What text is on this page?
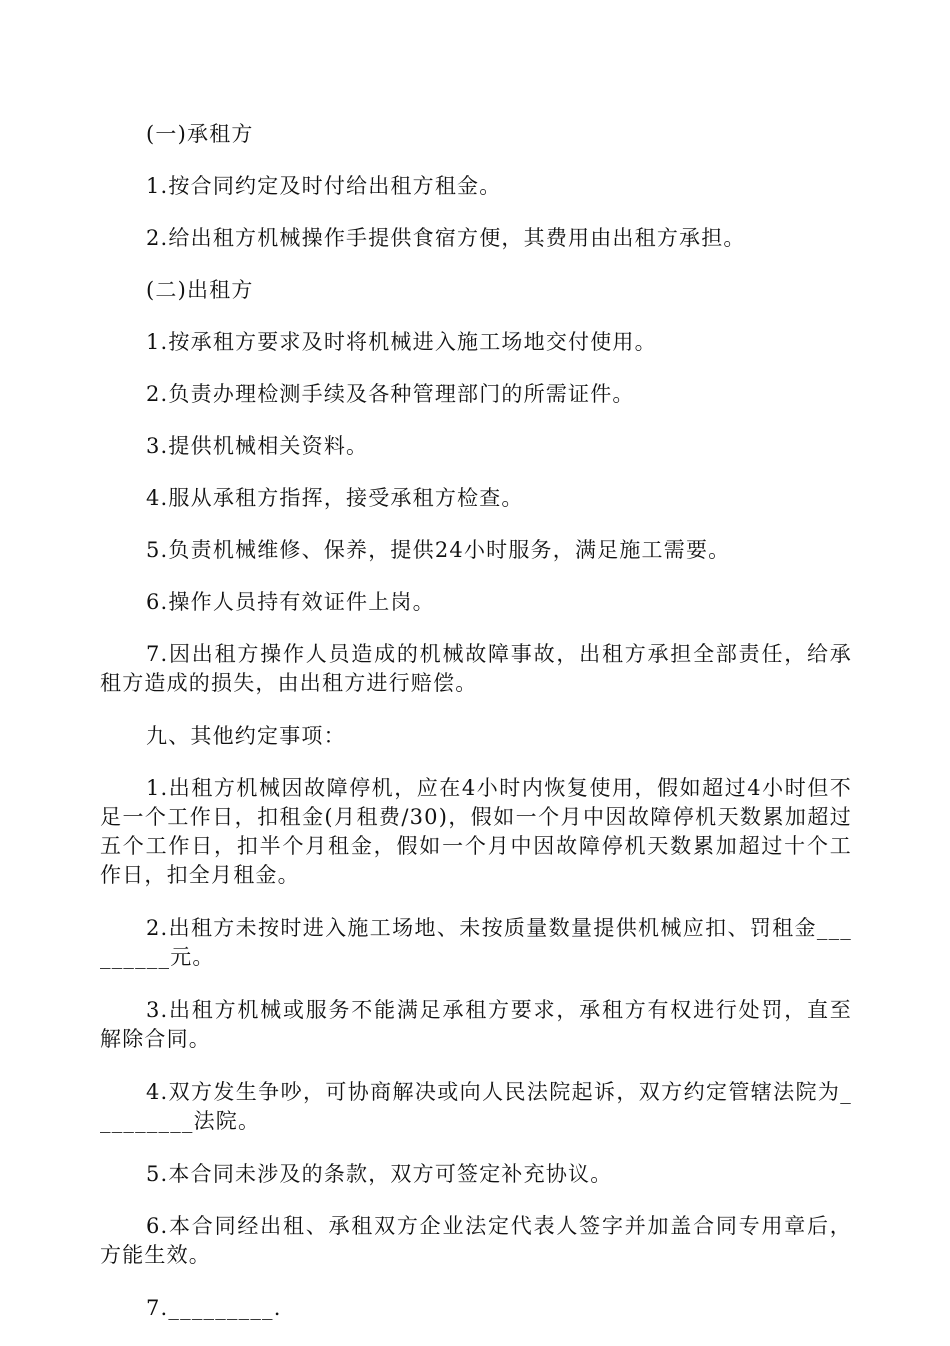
(一)承租方

1.按合同约定及时付给出租方租金。

2.给出租方机械操作手提供食宿方便，其费用由出租方承担。

(二)出租方

1.按承租方要求及时将机械进入施工场地交付使用。

2.负责办理检测手续及各种管理部门的所需证件。

3.提供机械相关资料。

4.服从承租方指挥，接受承租方检查。

5.负责机械维修、保养，提供24小时服务，满足施工需要。

6.操作人员持有效证件上岗。

7.因出租方操作人员造成的机械故障事故，出租方承担全部责任，给承租方造成的损失，由出租方进行赔偿。

九、其他约定事项：

1.出租方机械因故障停机，应在4小时内恢复使用，假如超过4小时但不足一个工作日，扣租金(月租费/30)，假如一个月中因故障停机天数累加超过五个工作日，扣半个月租金，假如一个月中因故障停机天数累加超过十个工作日，扣全月租金。

2.出租方未按时进入施工场地、未按质量数量提供机械应扣、罚租金_________元。

3.出租方机械或服务不能满足承租方要求，承租方有权进行处罚，直至解除合同。

4.双方发生争吵，可协商解决或向人民法院起诉，双方约定管辖法院为_________法院。

5.本合同未涉及的条款，双方可签定补充协议。

6.本合同经出租、承租双方企业法定代表人签字并加盖合同专用章后，方能生效。

7._________.
